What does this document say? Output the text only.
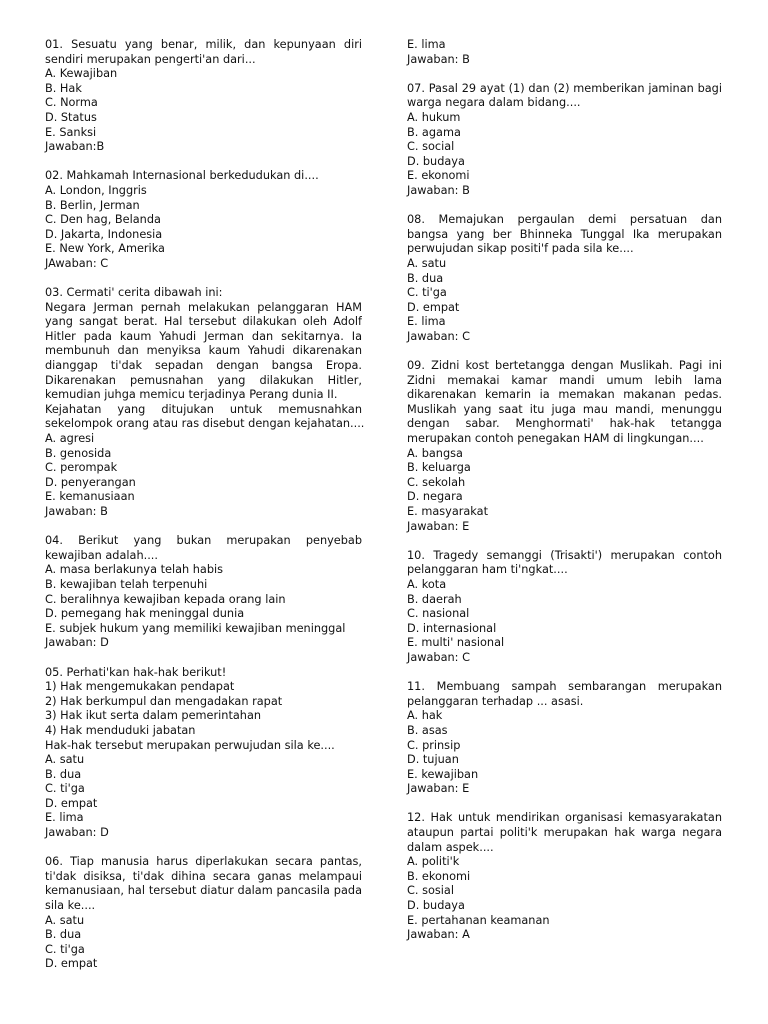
01. Sesuatu yang benar, milik, dan kepunyaan diri
sendiri merupakan pengerti'an dari...
A. Kewajiban
B. Hak
C. Norma
D. Status
E. Sanksi
Jawaban:B
02. Mahkamah Internasional berkedudukan di....
A. London, Inggris
B. Berlin, Jerman
C. Den hag, Belanda
D. Jakarta, Indonesia
E. New York, Amerika
JAwaban: C
03. Cermati' cerita dibawah ini:
Negara Jerman pernah melakukan pelanggaran HAM
yang sangat berat. Hal tersebut dilakukan oleh Adolf
Hitler pada kaum Yahudi Jerman dan sekitarnya. Ia
membunuh dan menyiksa kaum Yahudi dikarenakan
dianggap ti'dak sepadan dengan bangsa Eropa.
Dikarenakan pemusnahan yang dilakukan Hitler,
kemudian juhga memicu terjadinya Perang dunia II.
Kejahatan yang ditujukan untuk memusnahkan
sekelompok orang atau ras disebut dengan kejahatan....
A. agresi
B. genosida
C. perompak
D. penyerangan
E. kemanusiaan
Jawaban: B
04. Berikut yang bukan merupakan penyebab
kewajiban adalah....
A. masa berlakunya telah habis
B. kewajiban telah terpenuhi
C. beralihnya kewajiban kepada orang lain
D. pemegang hak meninggal dunia
E. subjek hukum yang memiliki kewajiban meninggal
Jawaban: D
05. Perhati'kan hak-hak berikut!
1) Hak mengemukakan pendapat
2) Hak berkumpul dan mengadakan rapat
3) Hak ikut serta dalam pemerintahan
4) Hak menduduki jabatan
Hak-hak tersebut merupakan perwujudan sila ke....
A. satu
B. dua
C. ti'ga
D. empat
E. lima
Jawaban: D
06. Tiap manusia harus diperlakukan secara pantas,
ti'dak disiksa, ti'dak dihina secara ganas melampaui
kemanusiaan, hal tersebut diatur dalam pancasila pada
sila ke....
A. satu
B. dua
C. ti'ga
D. empat
E. lima
Jawaban: B
07. Pasal 29 ayat (1) dan (2) memberikan jaminan bagi
warga negara dalam bidang....
A. hukum
B. agama
C. social
D. budaya
E. ekonomi
Jawaban: B
08. Memajukan pergaulan demi persatuan dan
bangsa yang ber Bhinneka Tunggal Ika merupakan
perwujudan sikap positi'f pada sila ke....
A. satu
B. dua
C. ti'ga
D. empat
E. lima
Jawaban: C
09. Zidni kost bertetangga dengan Muslikah. Pagi ini
Zidni memakai kamar mandi umum lebih lama
dikarenakan kemarin ia memakan makanan pedas.
Muslikah yang saat itu juga mau mandi, menunggu
dengan sabar. Menghormati' hak-hak tetangga
merupakan contoh penegakan HAM di lingkungan....
A. bangsa
B. keluarga
C. sekolah
D. negara
E. masyarakat
Jawaban: E
10. Tragedy semanggi (Trisakti') merupakan contoh
pelanggaran ham ti'ngkat....
A. kota
B. daerah
C. nasional
D. internasional
E. multi' nasional
Jawaban: C
11. Membuang sampah sembarangan merupakan
pelanggaran terhadap ... asasi.
A. hak
B. asas
C. prinsip
D. tujuan
E. kewajiban
Jawaban: E
12. Hak untuk mendirikan organisasi kemasyarakatan
ataupun partai politi'k merupakan hak warga negara
dalam aspek....
A. politi'k
B. ekonomi
C. sosial
D. budaya
E. pertahanan keamanan
Jawaban: A
